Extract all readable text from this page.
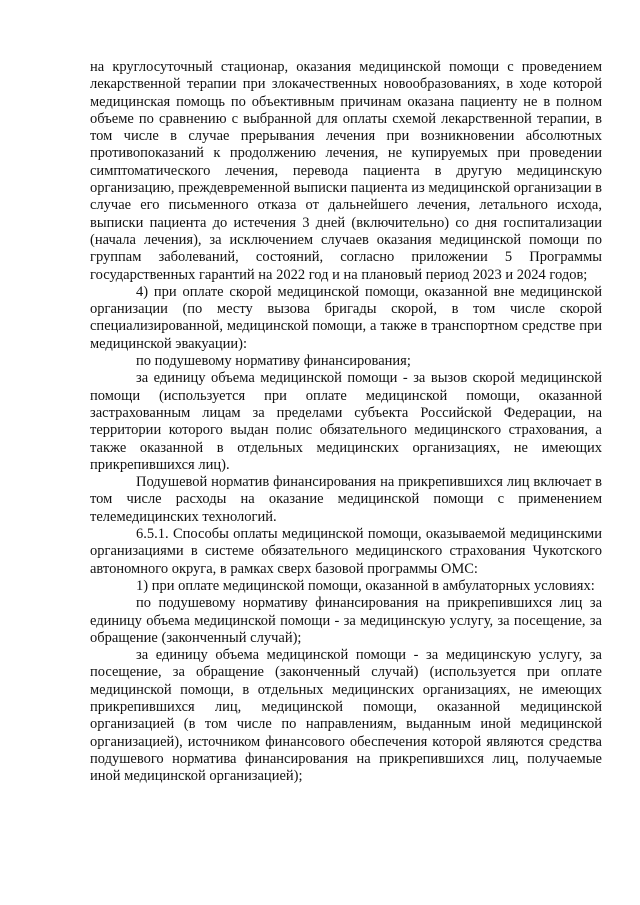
на круглосуточный стационар, оказания медицинской помощи с проведением лекарственной терапии при злокачественных новообразованиях, в ходе которой медицинская помощь по объективным причинам оказана пациенту не в полном объеме по сравнению с выбранной для оплаты схемой лекарственной терапии, в том числе в случае прерывания лечения при возникновении абсолютных противопоказаний к продолжению лечения, не купируемых при проведении симптоматического лечения, перевода пациента в другую медицинскую организацию, преждевременной выписки пациента из медицинской организации в случае его письменного отказа от дальнейшего лечения, летального исхода, выписки пациента до истечения 3 дней (включительно) со дня госпитализации (начала лечения), за исключением случаев оказания медицинской помощи по группам заболеваний, состояний, согласно приложении 5 Программы государственных гарантий на 2022 год и на плановый период 2023 и 2024 годов;

4) при оплате скорой медицинской помощи, оказанной вне медицинской организации (по месту вызова бригады скорой, в том числе скорой специализированной, медицинской помощи, а также в транспортном средстве при медицинской эвакуации):

по подушевому нормативу финансирования;

за единицу объема медицинской помощи - за вызов скорой медицинской помощи (используется при оплате медицинской помощи, оказанной застрахованным лицам за пределами субъекта Российской Федерации, на территории которого выдан полис обязательного медицинского страхования, а также оказанной в отдельных медицинских организациях, не имеющих прикрепившихся лиц).

Подушевой норматив финансирования на прикрепившихся лиц включает в том числе расходы на оказание медицинской помощи с применением телемедицинских технологий.

6.5.1. Способы оплаты медицинской помощи, оказываемой медицинскими организациями в системе обязательного медицинского страхования Чукотского автономного округа, в рамках сверх базовой программы ОМС:

1) при оплате медицинской помощи, оказанной в амбулаторных условиях:

по подушевому нормативу финансирования на прикрепившихся лиц за единицу объема медицинской помощи - за медицинскую услугу, за посещение, за обращение (законченный случай);

за единицу объема медицинской помощи - за медицинскую услугу, за посещение, за обращение (законченный случай) (используется при оплате медицинской помощи, в отдельных медицинских организациях, не имеющих прикрепившихся лиц, медицинской помощи, оказанной медицинской организацией (в том числе по направлениям, выданным иной медицинской организацией), источником финансового обеспечения которой являются средства подушевого норматива финансирования на прикрепившихся лиц, получаемые иной медицинской организацией);
